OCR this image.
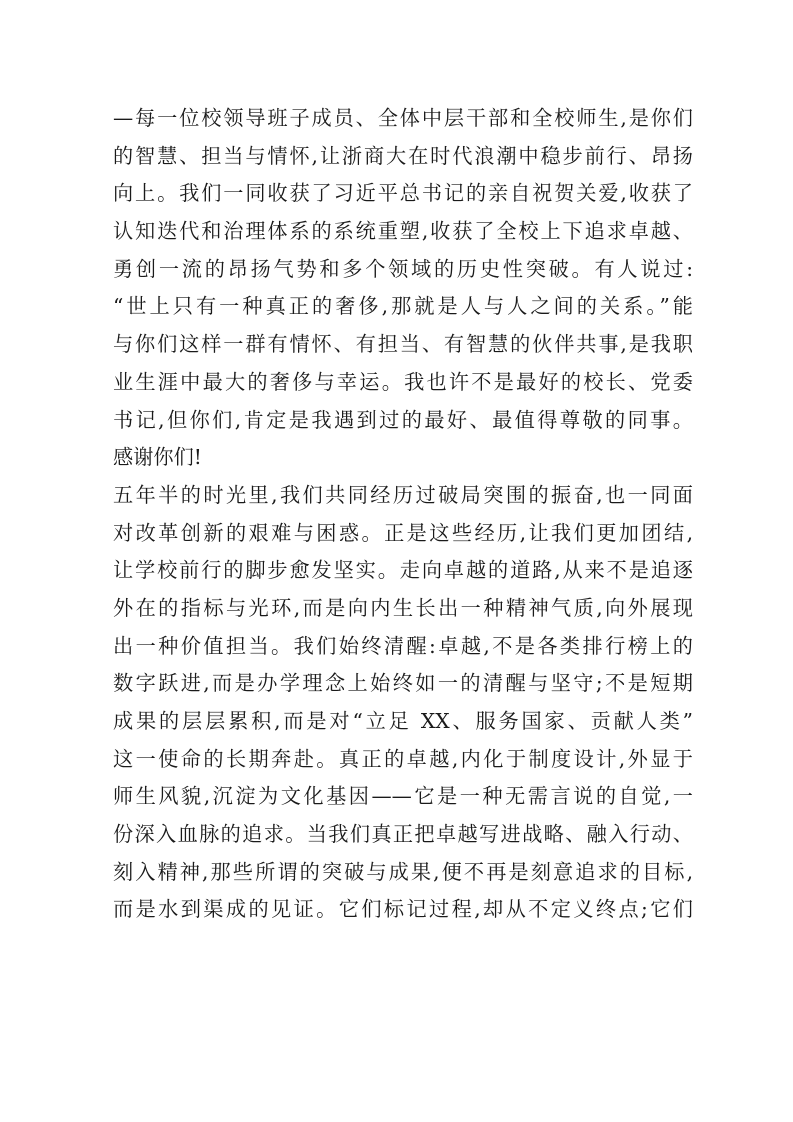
—每一位校领导班子成员、全体中层干部和全校师生,是你们
的智慧、担当与情怀,让浙商大在时代浪潮中稳步前行、昂扬
向上。我们一同收获了习近平总书记的亲自祝贺关爱,收获了
认知迭代和治理体系的系统重塑,收获了全校上下追求卓越、
勇创一流的昂扬气势和多个领域的历史性突破。有人说过:
“世上只有一种真正的奢侈,那就是人与人之间的关系。”能
与你们这样一群有情怀、有担当、有智慧的伙伴共事,是我职
业生涯中最大的奢侈与幸运。我也许不是最好的校长、党委
书记,但你们,肯定是我遇到过的最好、最值得尊敬的同事。
感谢你们!
五年半的时光里,我们共同经历过破局突围的振奋,也一同面
对改革创新的艰难与困惑。正是这些经历,让我们更加团结,
让学校前行的脚步愈发坚实。走向卓越的道路,从来不是追逐
外在的指标与光环,而是向内生长出一种精神气质,向外展现
出一种价值担当。我们始终清醒:卓越,不是各类排行榜上的
数字跃进,而是办学理念上始终如一的清醒与坚守;不是短期
成果的层层累积,而是对“立足 XX、服务国家、贡献人类”
这一使命的长期奔赴。真正的卓越,内化于制度设计,外显于
师生风貌,沉淀为文化基因——它是一种无需言说的自觉,一
份深入血脉的追求。当我们真正把卓越写进战略、融入行动、
刻入精神,那些所谓的突破与成果,便不再是刻意追求的目标,
而是水到渠成的见证。它们标记过程,却从不定义终点;它们
